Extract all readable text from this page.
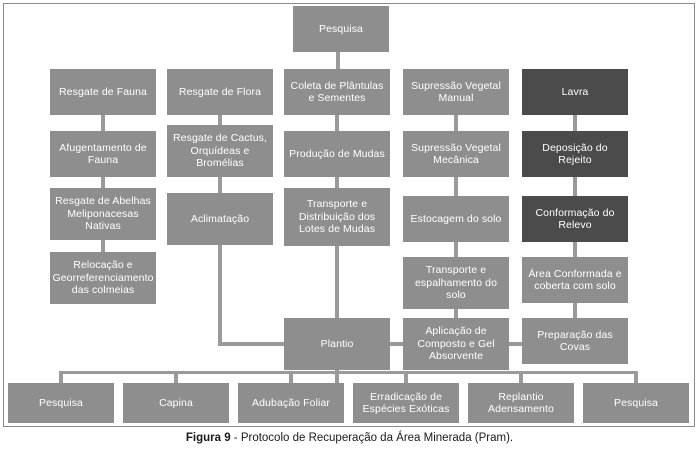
Pesquisa
Resgate de Fauna	Resgate de Flora
Coleta de Plântulas e Sementes
Supressão Vegetal Manual
Lavra
Afugentamento de Fauna
Resgate de Cactus, Orquídeas e Bromélias
Produção de Mudas
Supressão Vegetal Mecânica
Deposição do Rejeito
Resgate de Abelhas Meliponacesas Nativas
Aclimatação
Transporte e Distribuição dos Lotes de Mudas
Estocagem do solo
Conformação do Relevo
Relocação e Georreferenciamento das colmeias
Transporte e espalhamento do solo
Área Conformada e coberta com solo
Plantio
Aplicação de Composto e Gel Absorvente
Preparação das Covas
Pesquisa	Capina	Adubação Foliar
Erradicação de Espécies Exóticas
Replantio Adensamento
Pesquisa
Figura 9 - Protocolo de Recuperação da Área Minerada (Pram).
